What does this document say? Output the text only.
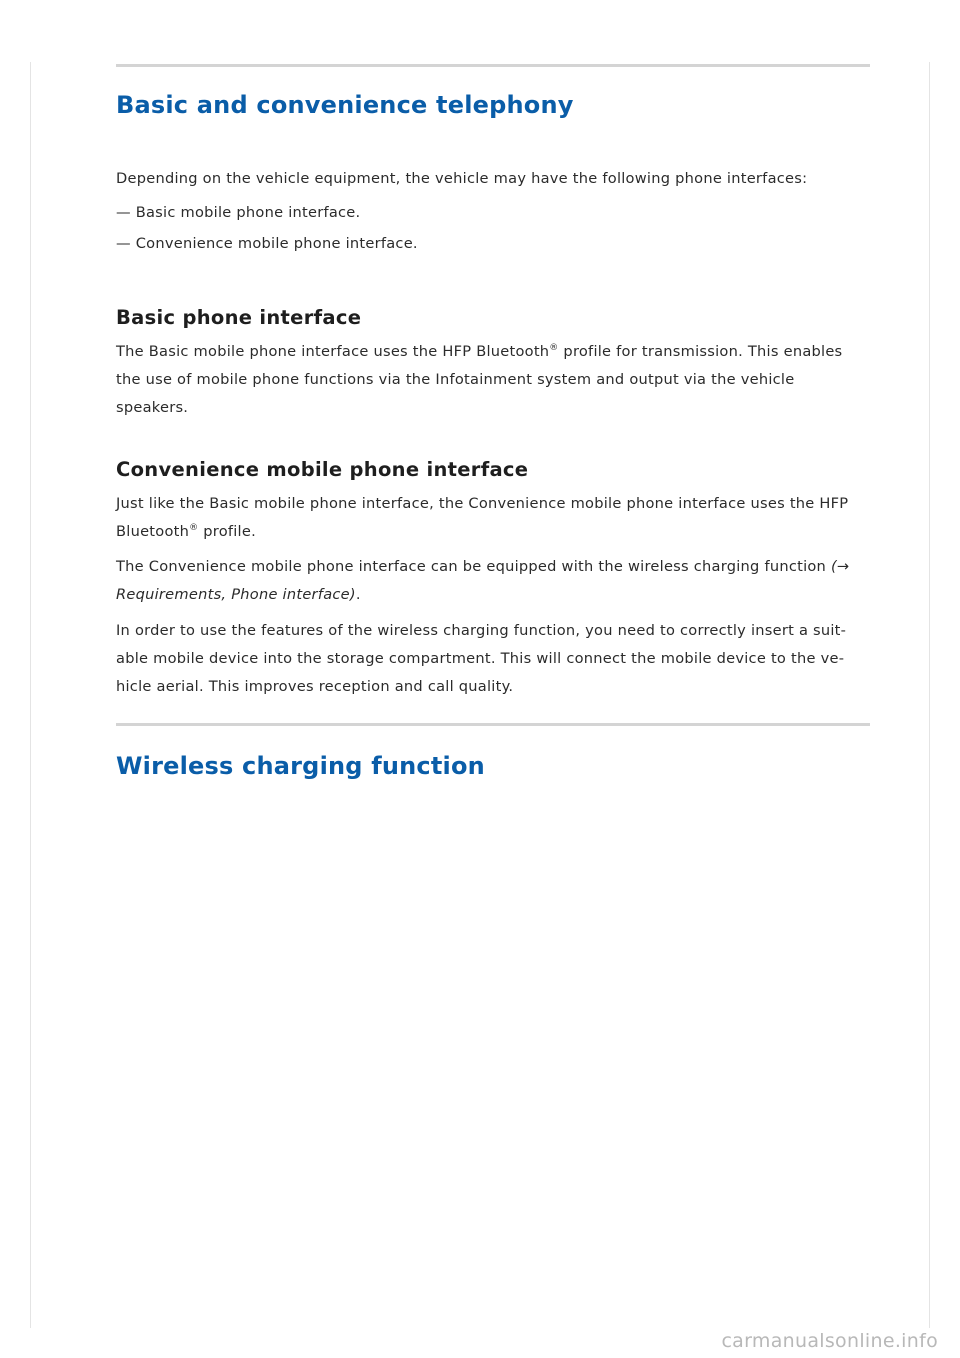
Basic and convenience telephony

Depending on the vehicle equipment, the vehicle may have the following phone interfaces:

— Basic mobile phone interface.

— Convenience mobile phone interface.

Basic phone interface

The Basic mobile phone interface uses the HFP Bluetooth® profile for transmission. This enables
the use of mobile phone functions via the Infotainment system and output via the vehicle
speakers.

Convenience mobile phone interface

Just like the Basic mobile phone interface, the Convenience mobile phone interface uses the HFP
Bluetooth® profile.

The Convenience mobile phone interface can be equipped with the wireless charging function (→
Requirements, Phone interface).

In order to use the features of the wireless charging function, you need to correctly insert a suit-
able mobile device into the storage compartment. This will connect the mobile device to the ve-
hicle aerial. This improves reception and call quality.

Wireless charging function
carmanualsonline.info
